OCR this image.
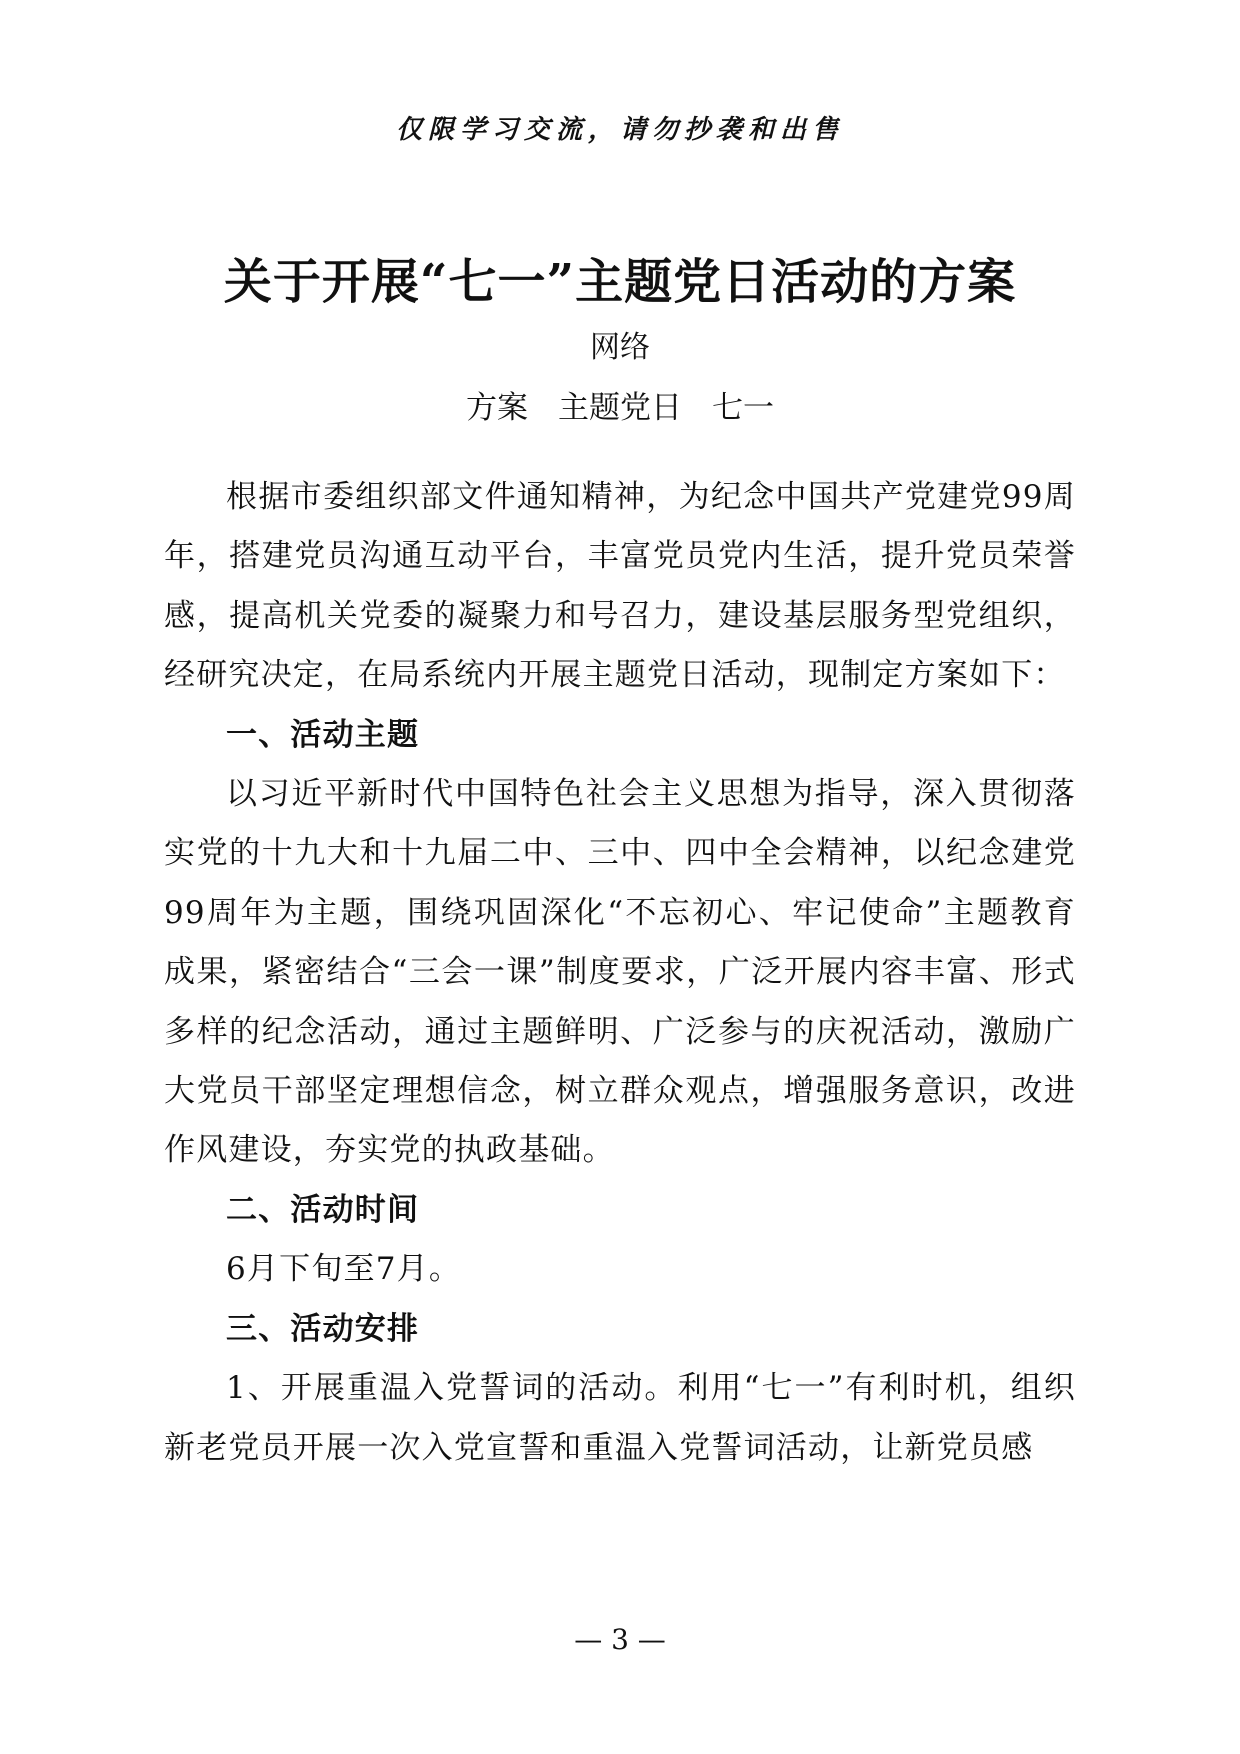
仅限学习交流，请勿抄袭和出售
关于开展“七一”主题党日活动的方案
网络
方案 主题党日 七一

根据市委组织部文件通知精神，为纪念中国共产党建党99周年，搭建党员沟通互动平台，丰富党员党内生活，提升党员荣誉感，提高机关党委的凝聚力和号召力，建设基层服务型党组织，经研究决定，在局系统内开展主题党日活动，现制定方案如下：

一、活动主题

以习近平新时代中国特色社会主义思想为指导，深入贯彻落实党的十九大和十九届二中、三中、四中全会精神，以纪念建党99周年为主题，围绕巩固深化“不忘初心、牢记使命”主题教育成果，紧密结合“三会一课”制度要求，广泛开展内容丰富、形式多样的纪念活动，通过主题鲜明、广泛参与的庆祝活动，激励广大党员干部坚定理想信念，树立群众观点，增强服务意识，改进作风建设，夯实党的执政基础。

二、活动时间

6月下旬至7月。

三、活动安排

1、开展重温入党誓词的活动。利用“七一”有利时机，组织新老党员开展一次入党宣誓和重温入党誓词活动，让新党员感

— 3 —
